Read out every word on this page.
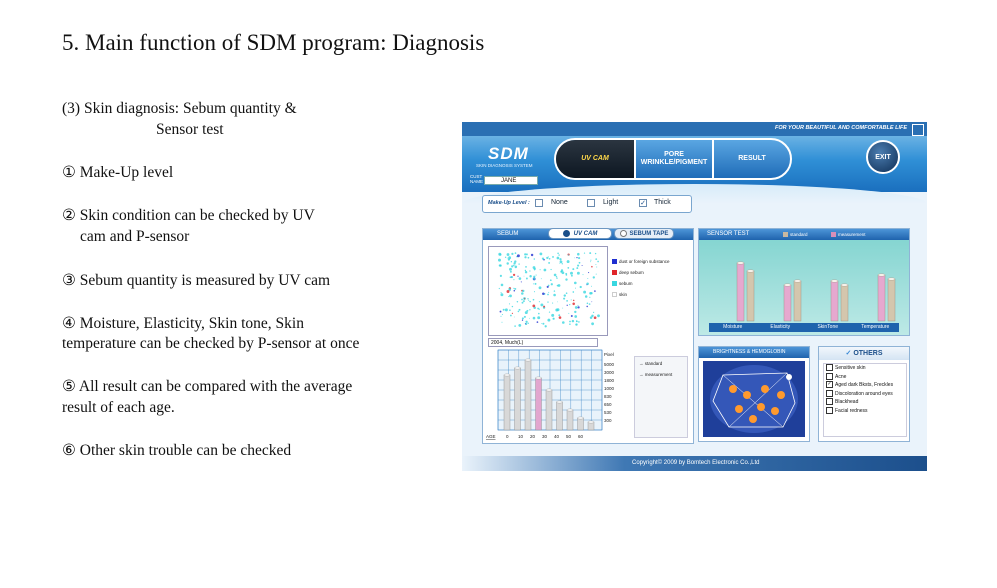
5. Main function of SDM program: Diagnosis
(3) Skin diagnosis: Sebum quantity &
Sensor test
① Make-Up level
② Skin condition can be checked by UV
cam and P-sensor
③ Sebum quantity is measured by UV cam
④ Moisture, Elasticity, Skin tone, Skin
temperature can be checked by P-sensor at once
⑤ All result can be compared with the average
result of each age.
⑥ Other skin trouble can be checked
FOR YOUR BEAUTIFUL AND COMFORTABLE LIFE
SDM
SKIN DIAGNOSIS SYSTEM
CUST NAME	JANE
UV CAM
PORE WRINKLE/PIGMENT
RESULT	EXIT
Make-Up Level :	None	Light	✓ Thick
SEBUM	UV CAM	SEBUM TAPE
dust or foreign substance
deep sebum
sebum
skin
2004, Much(L)
Pixel
5000
3000
1800
1000
830
650
530
300
0 10 20 30 40 50 60
AGE
→ standard
→ measurement
SENSOR TEST	standard	measurement
Moisture	Elasticity	SkinTone	Temperature
BRIGHTNESS & HEMOGLOBIN	✓ OTHERS
Sensitive skin
Acne
✓ Aged dark Bksts, Freckles
Discoloration around eyes
Blackhead
Facial redness
Copyright© 2009 by Bomtech Electronic Co.,Ltd
